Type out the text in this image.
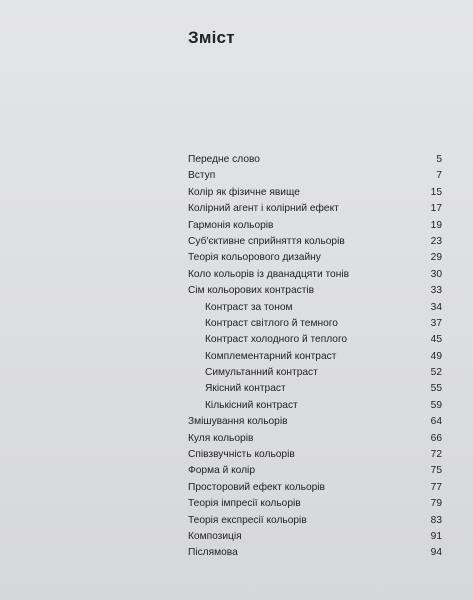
Зміст
Передне слово	5
Вступ	7
Колір як фізичне явище	15
Колірний агент і колірний ефект	17
Гармонія кольорів	19
Суб'єктивне сприйняття кольорів	23
Теорія кольорового дизайну	29
Коло кольорів із дванадцяти тонів	30
Сім кольорових контрастів	33
Контраст за тоном	34
Контраст світлого й темного	37
Контраст холодного й теплого	45
Комплементарний контраст	49
Симультанний контраст	52
Якісний контраст	55
Кількісний контраст	59
Змішування кольорів	64
Куля кольорів	66
Співзвучність кольорів	72
Форма й колір	75
Просторовий ефект кольорів	77
Теорія імпресії кольорів	79
Теорія експресії кольорів	83
Композиція	91
Післямова	94
